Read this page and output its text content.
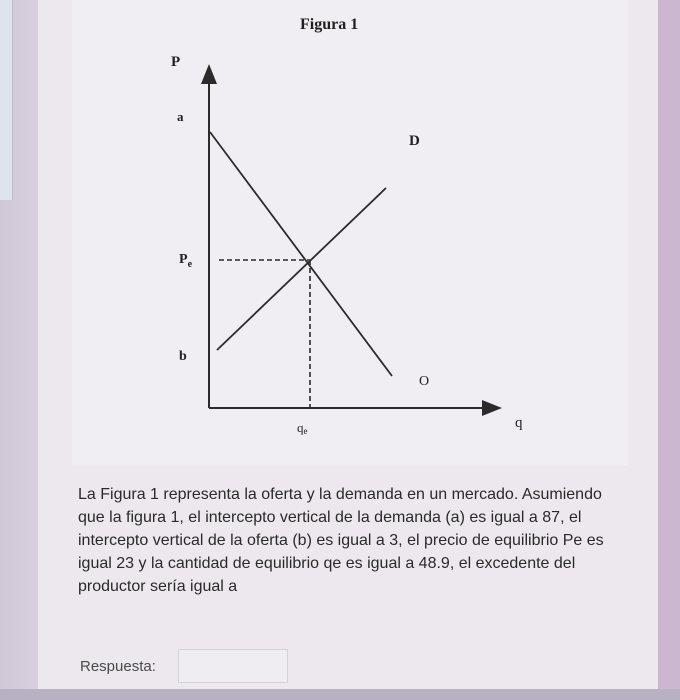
Figura 1
P
a
b
$P_e$
qe	q
D
O
La Figura 1 representa la oferta y la demanda en un mercado. Asumiendo que la figura 1, el intercepto vertical de la demanda (a) es igual a 87, el intercepto vertical de la oferta (b) es igual a 3, el precio de equilibrio Pe es igual 23 y la cantidad de equilibrio qe es igual a 48.9, el excedente del productor sería igual a
Respuesta:
